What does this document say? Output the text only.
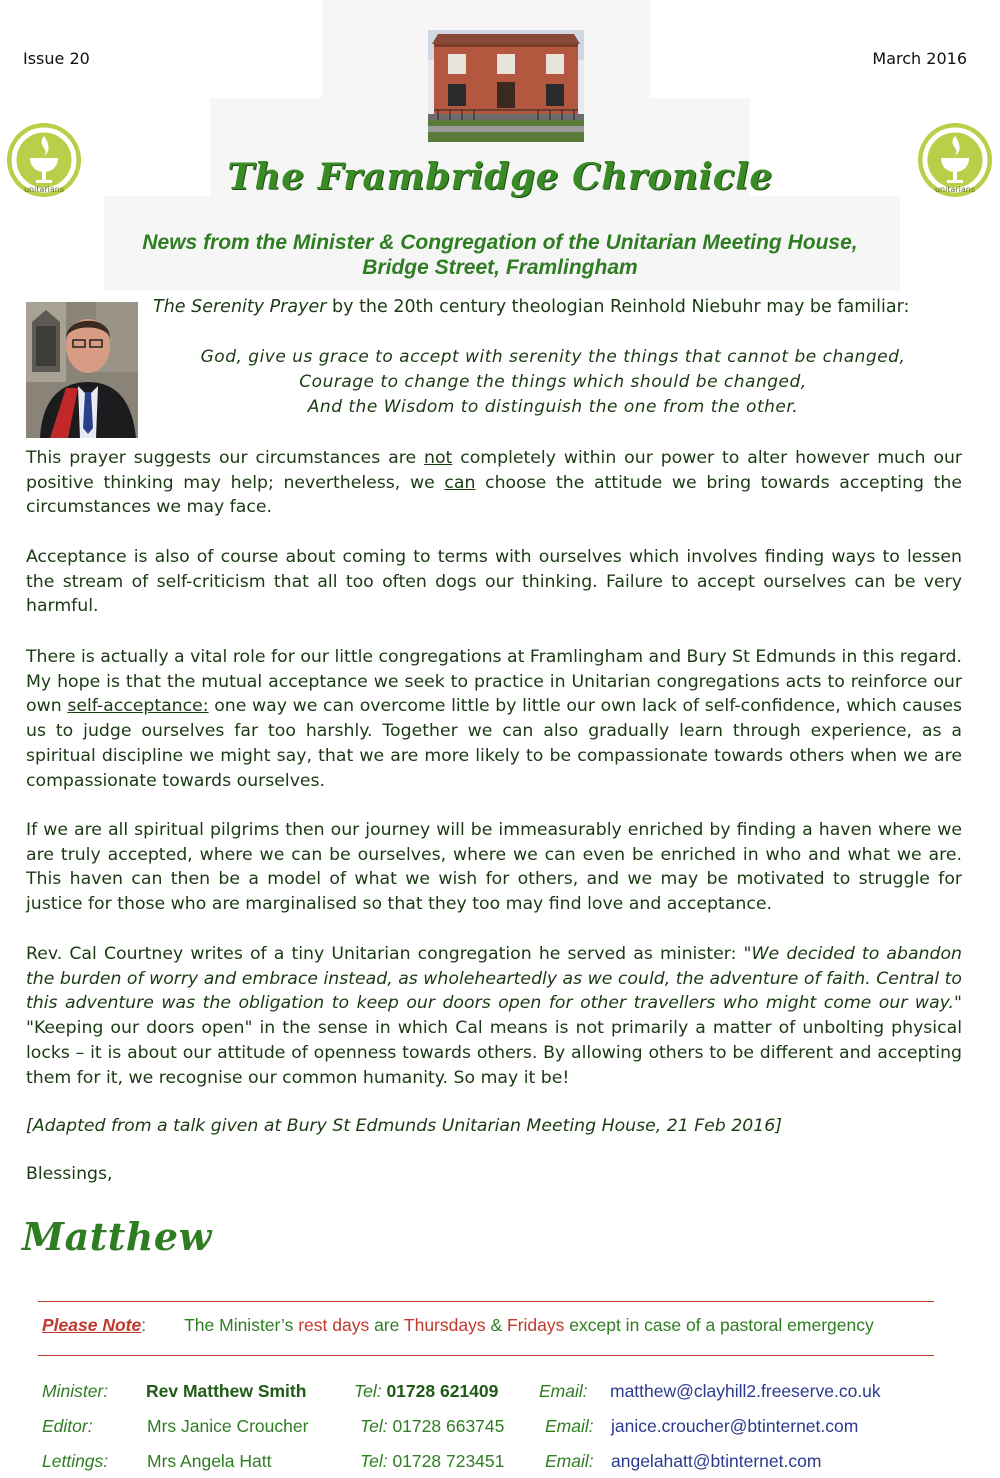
Issue 20	March 2016
unitarians	unitarians
The Frambridge Chronicle
News from the Minister & Congregation of the Unitarian Meeting House,
Bridge Street, Framlingham
The Serenity Prayer by the 20th century theologian Reinhold Niebuhr may be familiar:
God, give us grace to accept with serenity the things that cannot be changed,
Courage to change the things which should be changed,
And the Wisdom to distinguish the one from the other.
This prayer suggests our circumstances are not completely within our power to alter however much our positive thinking may help; nevertheless, we can choose the attitude we bring towards accepting the circumstances we may face.
Acceptance is also of course about coming to terms with ourselves which involves finding ways to lessen the stream of self-criticism that all too often dogs our thinking. Failure to accept ourselves can be very harmful.
There is actually a vital role for our little congregations at Framlingham and Bury St Edmunds in this regard. My hope is that the mutual acceptance we seek to practice in Unitarian congregations acts to reinforce our own self-acceptance: one way we can overcome little by little our own lack of self-confidence, which causes us to judge ourselves far too harshly. Together we can also gradually learn through experience, as a spiritual discipline we might say, that we are more likely to be compassionate towards others when we are compassionate towards ourselves.
If we are all spiritual pilgrims then our journey will be immeasurably enriched by finding a haven where we are truly accepted, where we can be ourselves, where we can even be enriched in who and what we are. This haven can then be a model of what we wish for others, and we may be motivated to struggle for justice for those who are marginalised so that they too may find love and acceptance.
Rev. Cal Courtney writes of a tiny Unitarian congregation he served as minister: "We decided to abandon the burden of worry and embrace instead, as wholeheartedly as we could, the adventure of faith. Central to this adventure was the obligation to keep our doors open for other travellers who might come our way." "Keeping our doors open" in the sense in which Cal means is not primarily a matter of unbolting physical locks – it is about our attitude of openness towards others. By allowing others to be different and accepting them for it, we recognise our common humanity. So may it be!
[Adapted from a talk given at Bury St Edmunds Unitarian Meeting House, 21 Feb 2016]
Blessings,
Matthew
Please Note: The Minister’s rest days are Thursdays & Fridays except in case of a pastoral emergency
Minister: Rev Matthew Smith	Tel: 01728 621409 Email: matthew@clayhill2.freeserve.co.uk
Editor:	Mrs Janice Croucher	Tel: 01728 663745 Email: janice.croucher@btinternet.com
Lettings: Mrs Angela Hatt	Tel: 01728 723451 Email: angelahatt@btinternet.com
